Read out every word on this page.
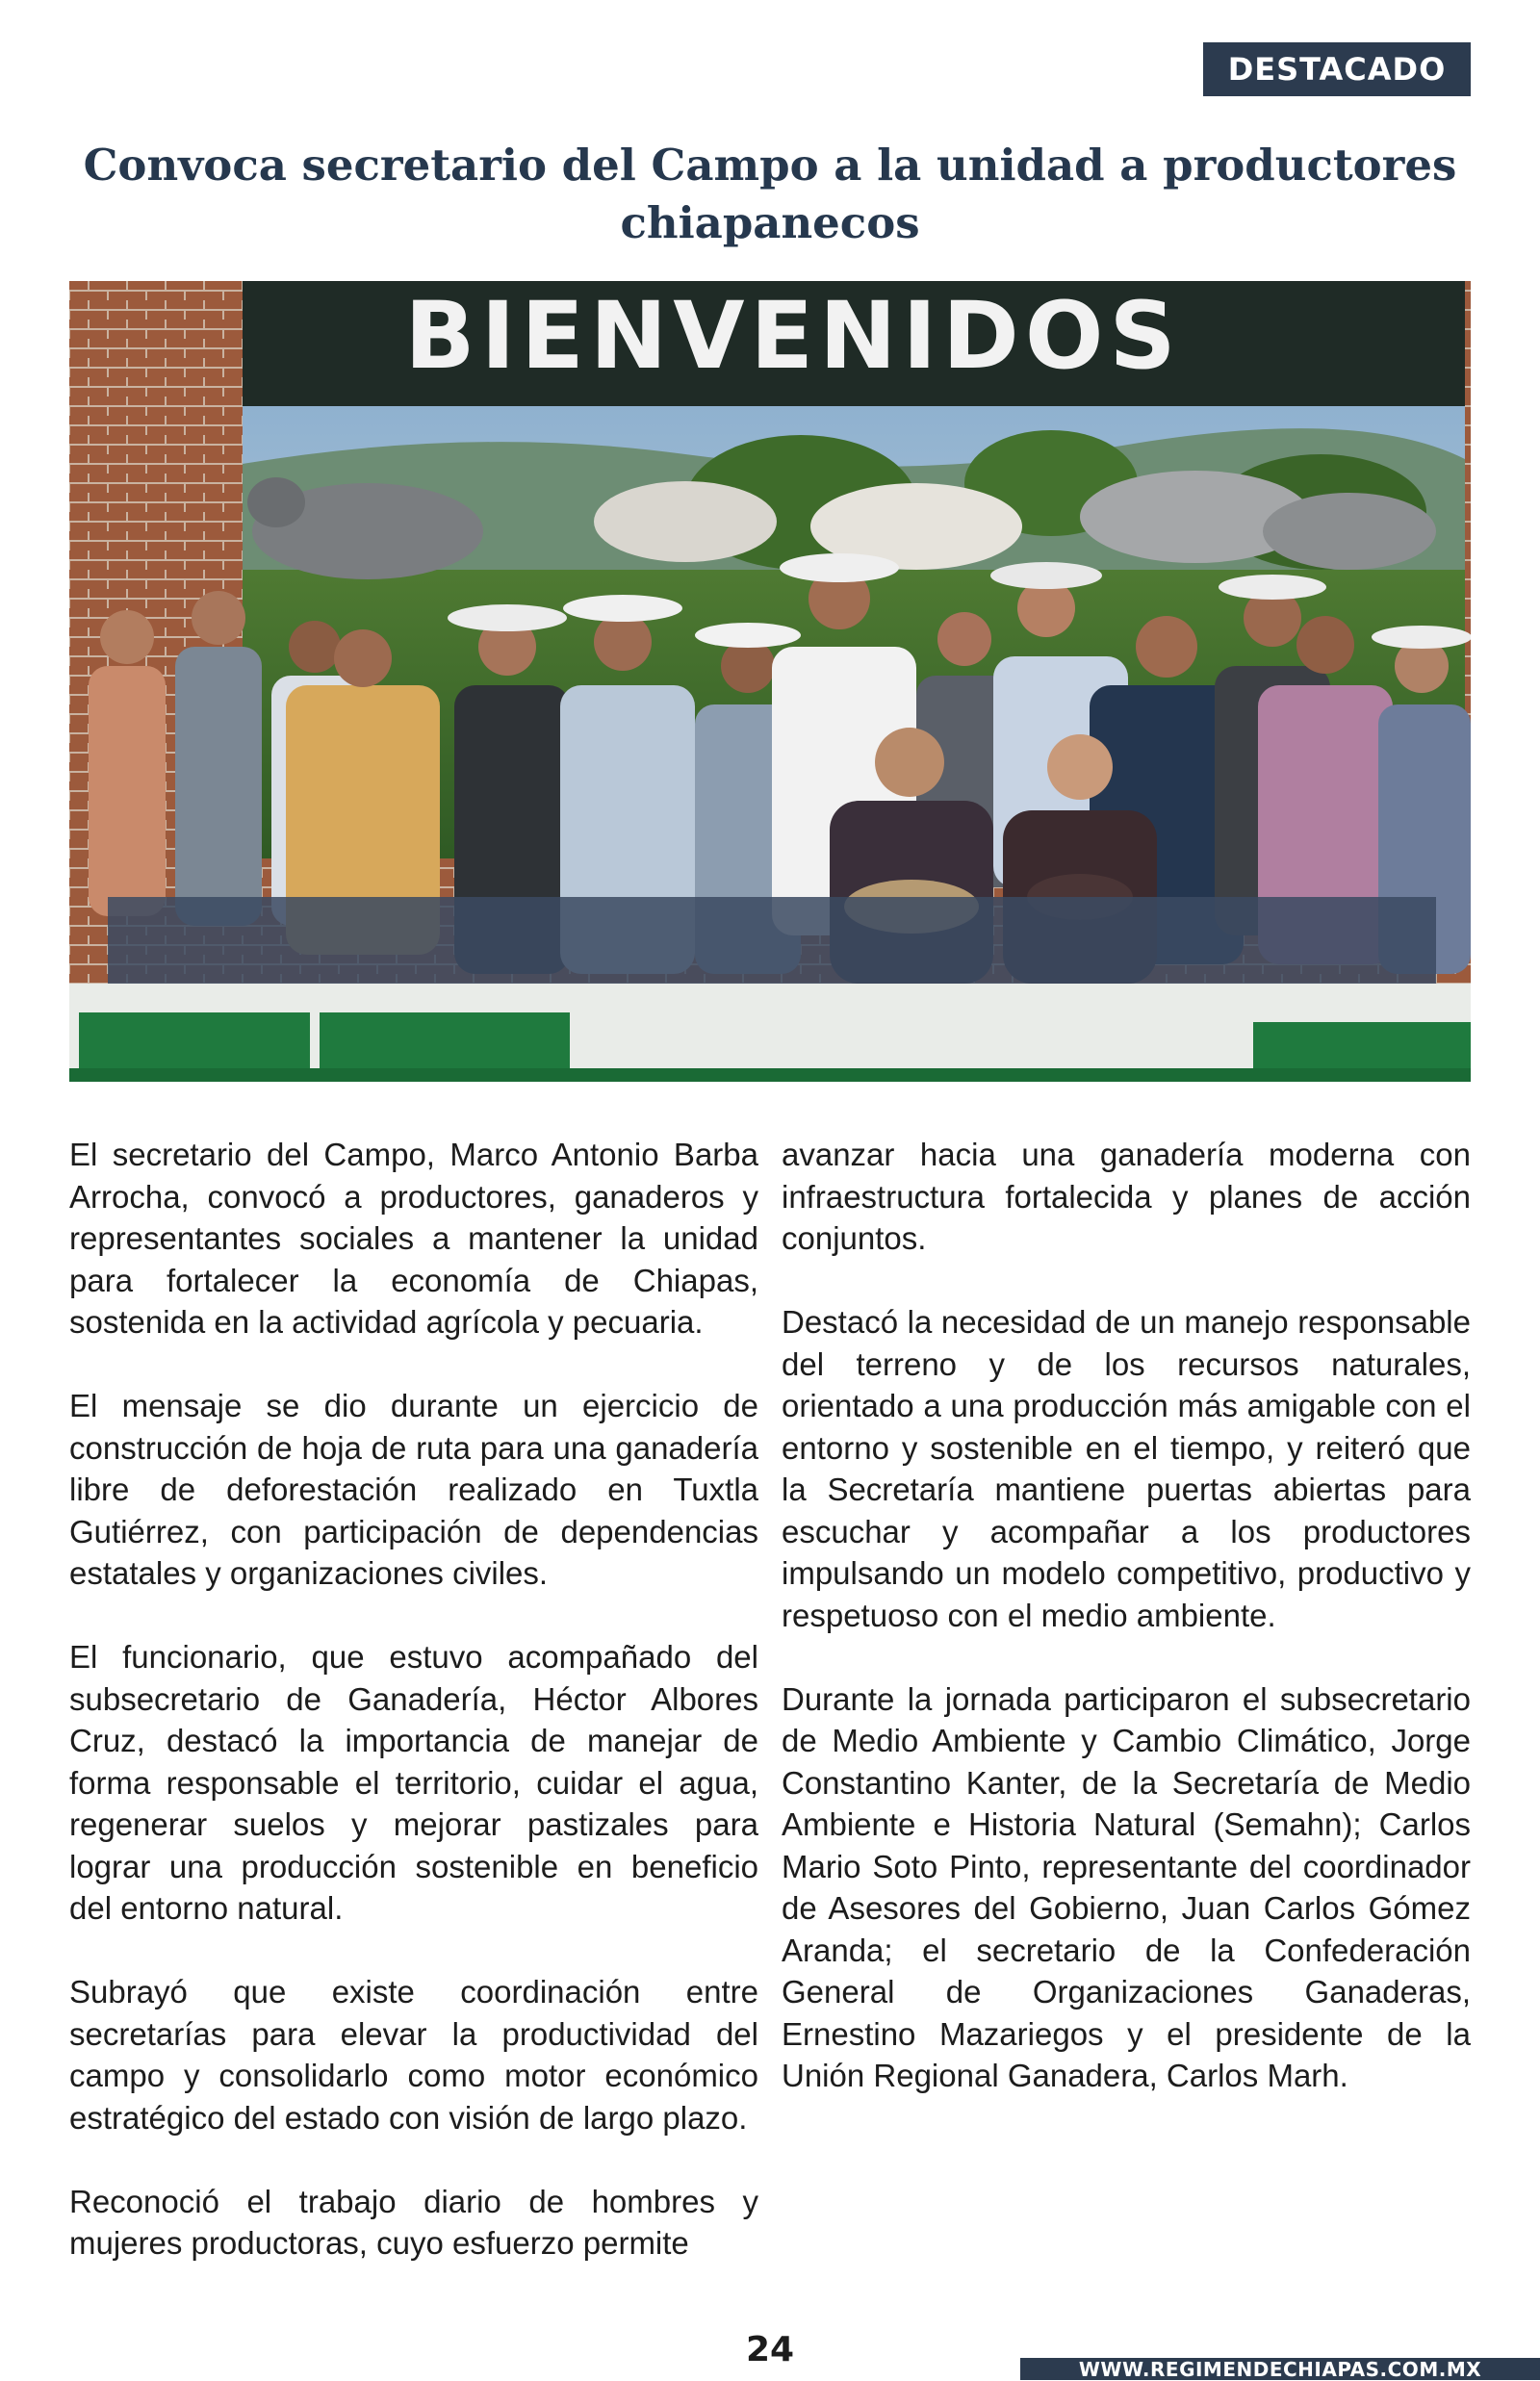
DESTACADO
Convoca secretario del Campo a la unidad a productores chiapanecos
BIENVENIDOS

El secretario del Campo, Marco Antonio Barba Arrocha, convocó a productores, ganaderos y representantes sociales a mantener la unidad para fortalecer la economía de Chiapas, sostenida en la actividad agrícola y pecuaria.

El mensaje se dio durante un ejercicio de construcción de hoja de ruta para una ganadería libre de deforestación realizado en Tuxtla Gutiérrez, con participación de dependencias estatales y organizaciones civiles.

El funcionario, que estuvo acompañado del subsecretario de Ganadería, Héctor Albores Cruz, destacó la importancia de manejar de forma responsable el territorio, cuidar el agua, regenerar suelos y mejorar pastizales para lograr una producción sostenible en beneficio del entorno natural.

Subrayó que existe coordinación entre secretarías para elevar la productividad del campo y consolidarlo como motor económico estratégico del estado con visión de largo plazo.

Reconoció el trabajo diario de hombres y mujeres productoras, cuyo esfuerzo permite

avanzar hacia una ganadería moderna con infraestructura fortalecida y planes de acción conjuntos.

Destacó la necesidad de un manejo responsable del terreno y de los recursos naturales, orientado a una producción más amigable con el entorno y sostenible en el tiempo, y reiteró que la Secretaría mantiene puertas abiertas para escuchar y acompañar a los productores impulsando un modelo competitivo, productivo y respetuoso con el medio ambiente.

Durante la jornada participaron el subsecretario de Medio Ambiente y Cambio Climático, Jorge Constantino Kanter, de la Secretaría de Medio Ambiente e Historia Natural (Semahn); Carlos Mario Soto Pinto, representante del coordinador de Asesores del Gobierno, Juan Carlos Gómez Aranda; el secretario de la Confederación General de Organizaciones Ganaderas, Ernestino Mazariegos y el presidente de la Unión Regional Ganadera, Carlos Marh.

24	WWW.REGIMENDECHIAPAS.COM.MX
